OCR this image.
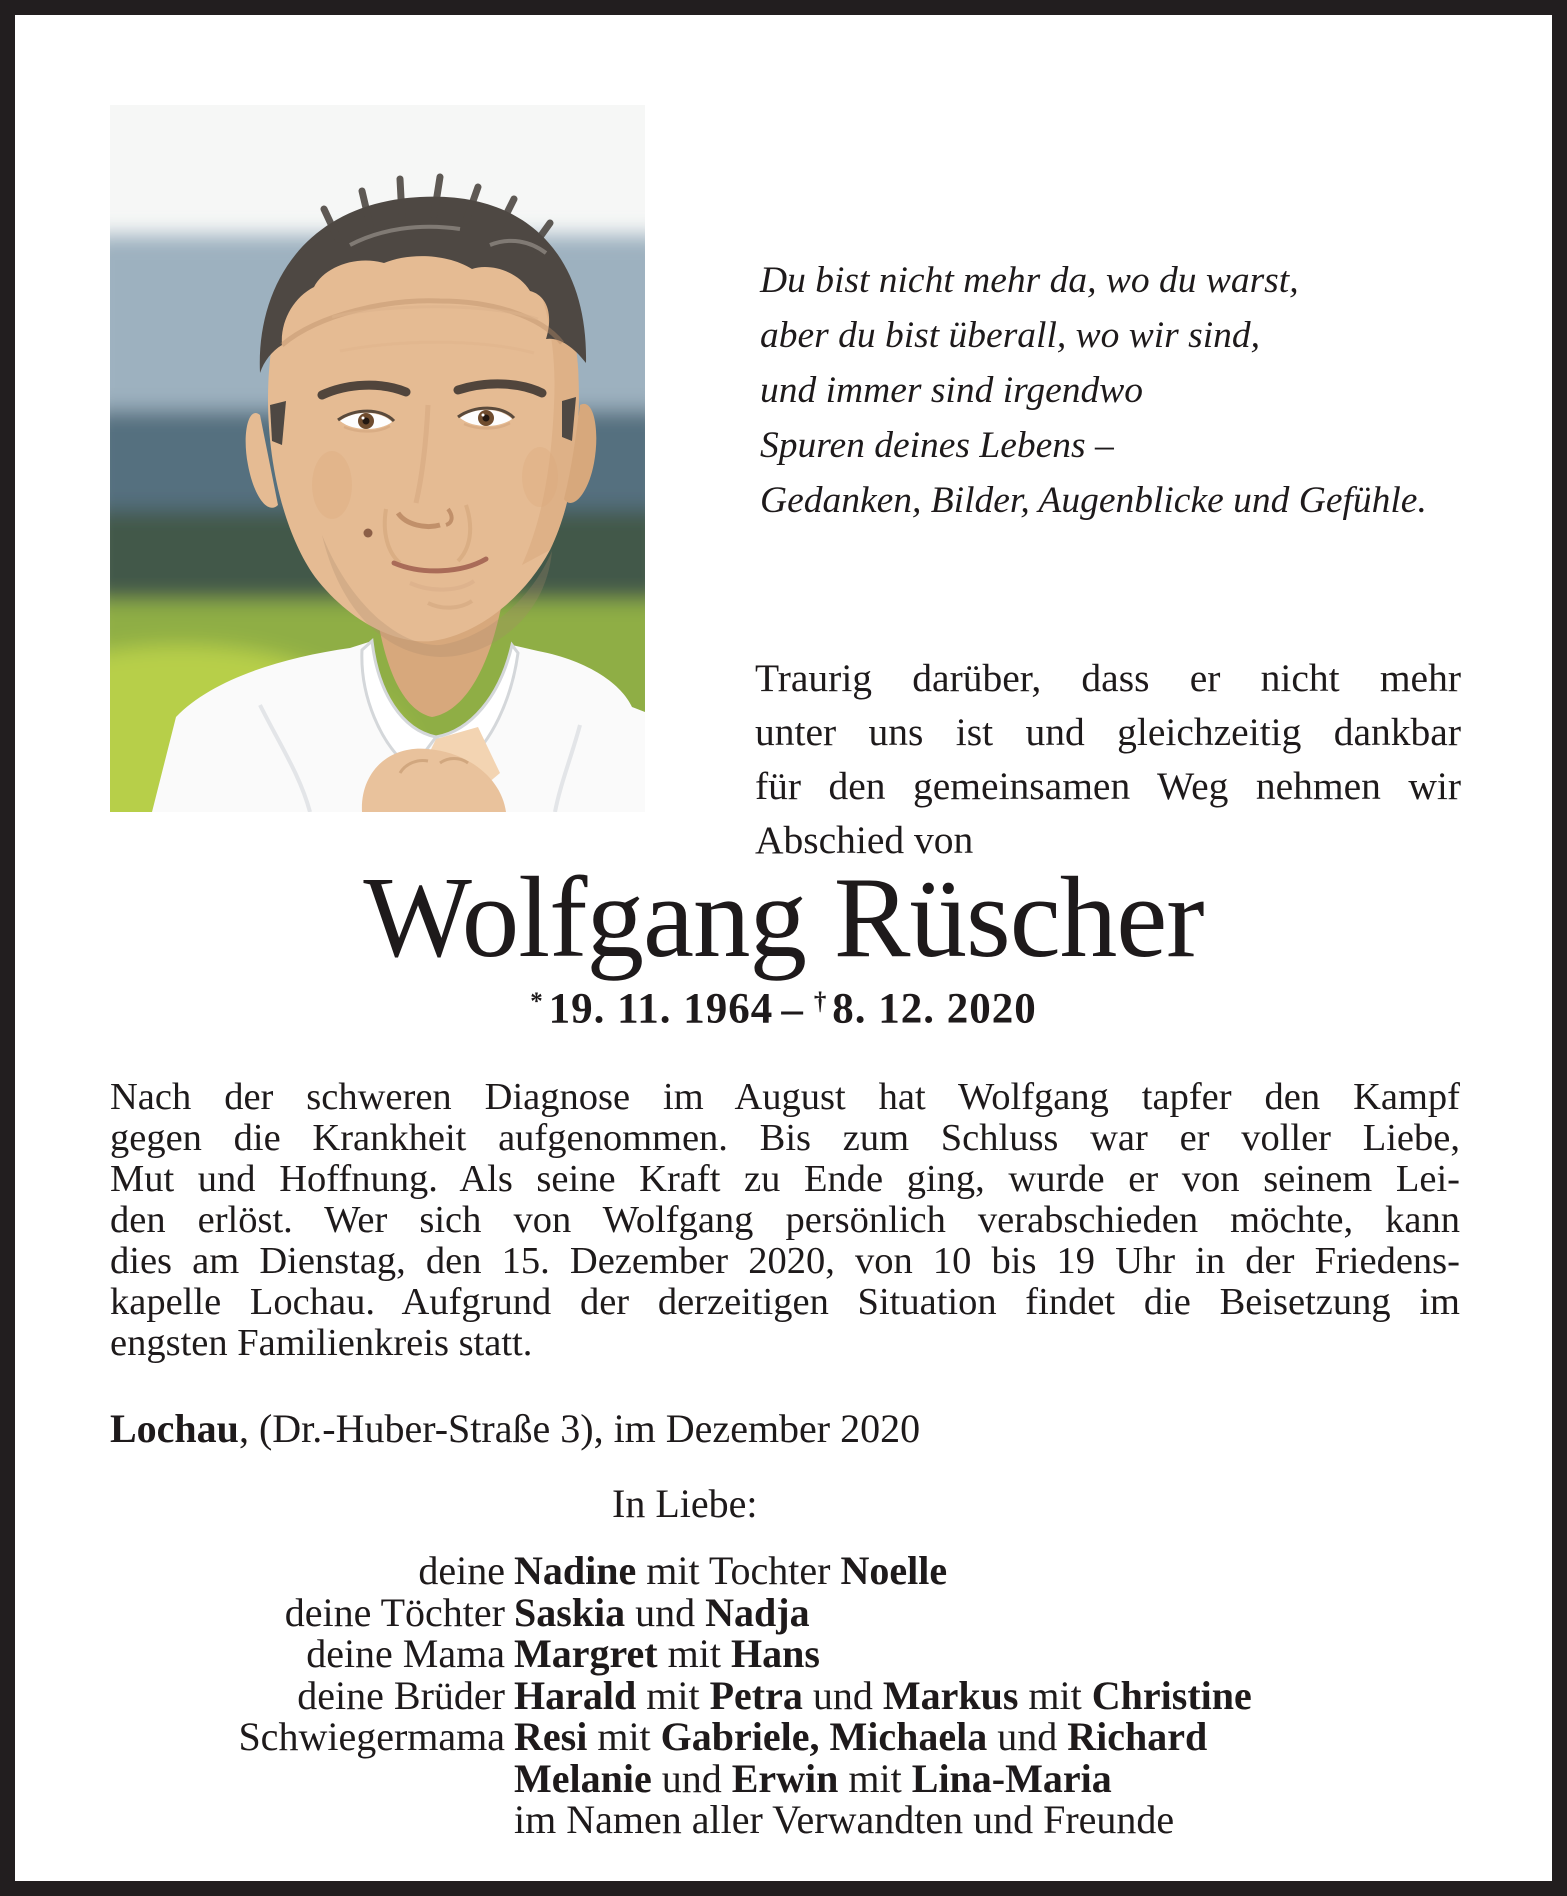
Du bist nicht mehr da, wo du warst,
aber du bist überall, wo wir sind,
und immer sind irgendwo
Spuren deines Lebens –
Gedanken, Bilder, Augenblicke und Gefühle.
Traurig darüber, dass er nicht mehr
unter uns ist und gleichzeitig dankbar
für den gemeinsamen Weg nehmen wir
Abschied von
Wolfgang Rüscher
* 19. 11. 1964 – † 8. 12. 2020
Nach der schweren Diagnose im August hat Wolfgang tapfer den Kampf
gegen die Krankheit aufgenommen. Bis zum Schluss war er voller Liebe,
Mut und Hoffnung. Als seine Kraft zu Ende ging, wurde er von seinem Lei-
den erlöst. Wer sich von Wolfgang persönlich verabschieden möchte, kann
dies am Dienstag, den 15. Dezember 2020, von 10 bis 19 Uhr in der Friedens-
kapelle Lochau. Aufgrund der derzeitigen Situation findet die Beisetzung im
engsten Familienkreis statt.
Lochau, (Dr.-Huber-Straße 3), im Dezember 2020
In Liebe:
deine Nadine mit Tochter Noelle
deine Töchter Saskia und Nadja
deine Mama Margret mit Hans
deine Brüder Harald mit Petra und Markus mit Christine
Schwiegermama Resi mit Gabriele, Michaela und Richard
Melanie und Erwin mit Lina-Maria
im Namen aller Verwandten und Freunde
